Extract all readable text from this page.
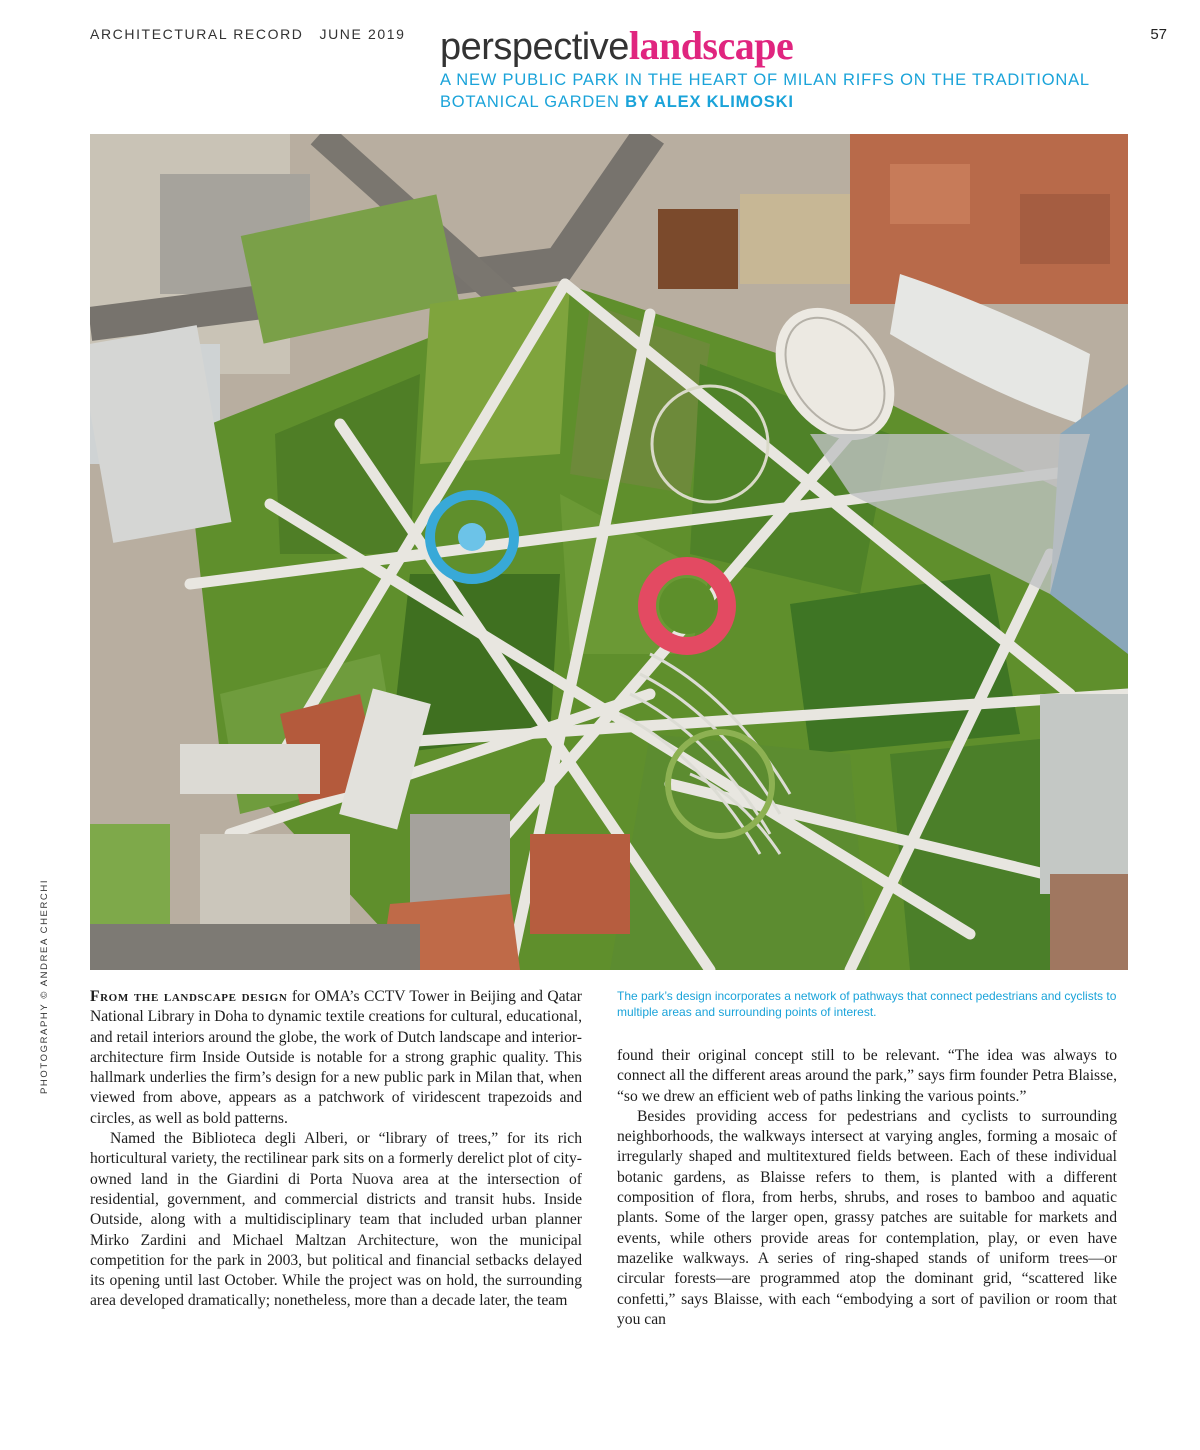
ARCHITECTURAL RECORD JUNE 2019	57
perspectivelandscape
A NEW PUBLIC PARK IN THE HEART OF MILAN RIFFS ON THE TRADITIONAL BOTANICAL GARDEN BY ALEX KLIMOSKI
PHOTOGRAPHY © ANDREA CHERCHI	The park’s design incorporates a network of pathways that connect pedestrians and cyclists to multiple areas and surrounding points of interest.

From the landscape design for OMA’s CCTV Tower in Beijing and Qatar National Library in Doha to dynamic textile creations for cultural, educational, and retail interiors around the globe, the work of Dutch landscape and interior-architecture firm Inside Outside is notable for a strong graphic quality. This hallmark underlies the firm’s design for a new public park in Milan that, when viewed from above, appears as a patchwork of viridescent trapezoids and circles, as well as bold patterns.

Named the Biblioteca degli Alberi, or “library of trees,” for its rich horticultural variety, the rectilinear park sits on a formerly derelict plot of city-owned land in the Giardini di Porta Nuova area at the intersection of residential, government, and commercial districts and transit hubs. Inside Outside, along with a multidisciplinary team that included urban planner Mirko Zardini and Michael Maltzan Architecture, won the municipal competition for the park in 2003, but political and financial setbacks delayed its opening until last October. While the project was on hold, the surrounding area developed dramatically; nonetheless, more than a decade later, the team

found their original concept still to be relevant. “The idea was always to connect all the different areas around the park,” says firm founder Petra Blaisse, “so we drew an efficient web of paths linking the various points.”

Besides providing access for pedestrians and cyclists to surrounding neighborhoods, the walkways intersect at varying angles, forming a mosaic of irregularly shaped and multitextured fields between. Each of these individual botanic gardens, as Blaisse refers to them, is planted with a different composition of flora, from herbs, shrubs, and roses to bamboo and aquatic plants. Some of the larger open, grassy patches are suitable for markets and events, while others provide areas for contemplation, play, or even have mazelike walkways. A series of ring-shaped stands of uniform trees—or circular forests—are programmed atop the dominant grid, “scattered like confetti,” says Blaisse, with each “embodying a sort of pavilion or room that you can
